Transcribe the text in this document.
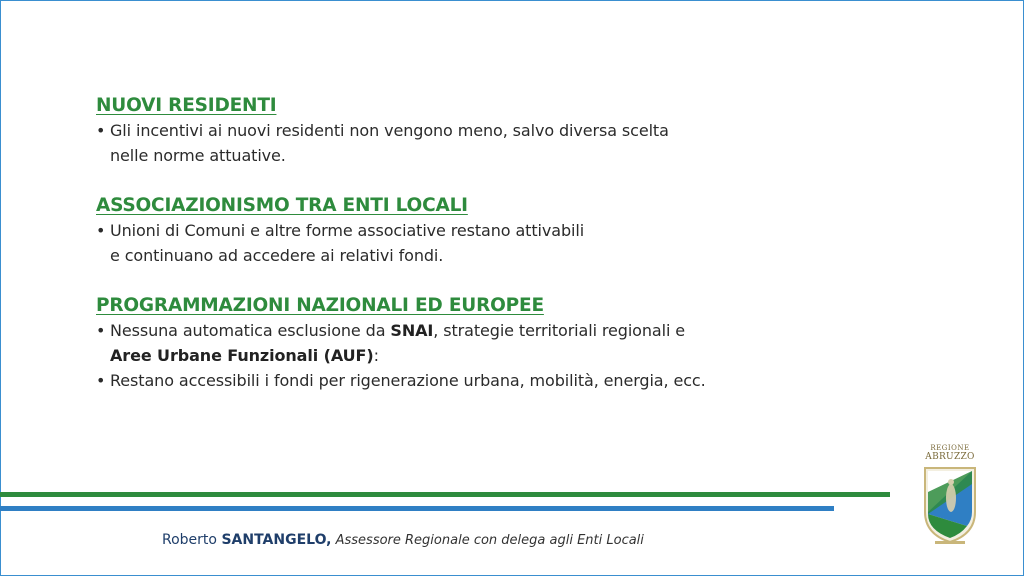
NUOVI RESIDENTI
• Gli incentivi ai nuovi residenti non vengono meno, salvo diversa scelta
nelle norme attuative.
ASSOCIAZIONISMO TRA ENTI LOCALI
• Unioni di Comuni e altre forme associative restano attivabili
e continuano ad accedere ai relativi fondi.
PROGRAMMAZIONI NAZIONALI ED EUROPEE
• Nessuna automatica esclusione da SNAI, strategie territoriali regionali e
Aree Urbane Funzionali (AUF):
• Restano accessibili i fondi per rigenerazione urbana, mobilità, energia, ecc.
Roberto SANTANGELO, Assessore Regionale con delega agli Enti Locali
REGIONE
ABRUZZO
